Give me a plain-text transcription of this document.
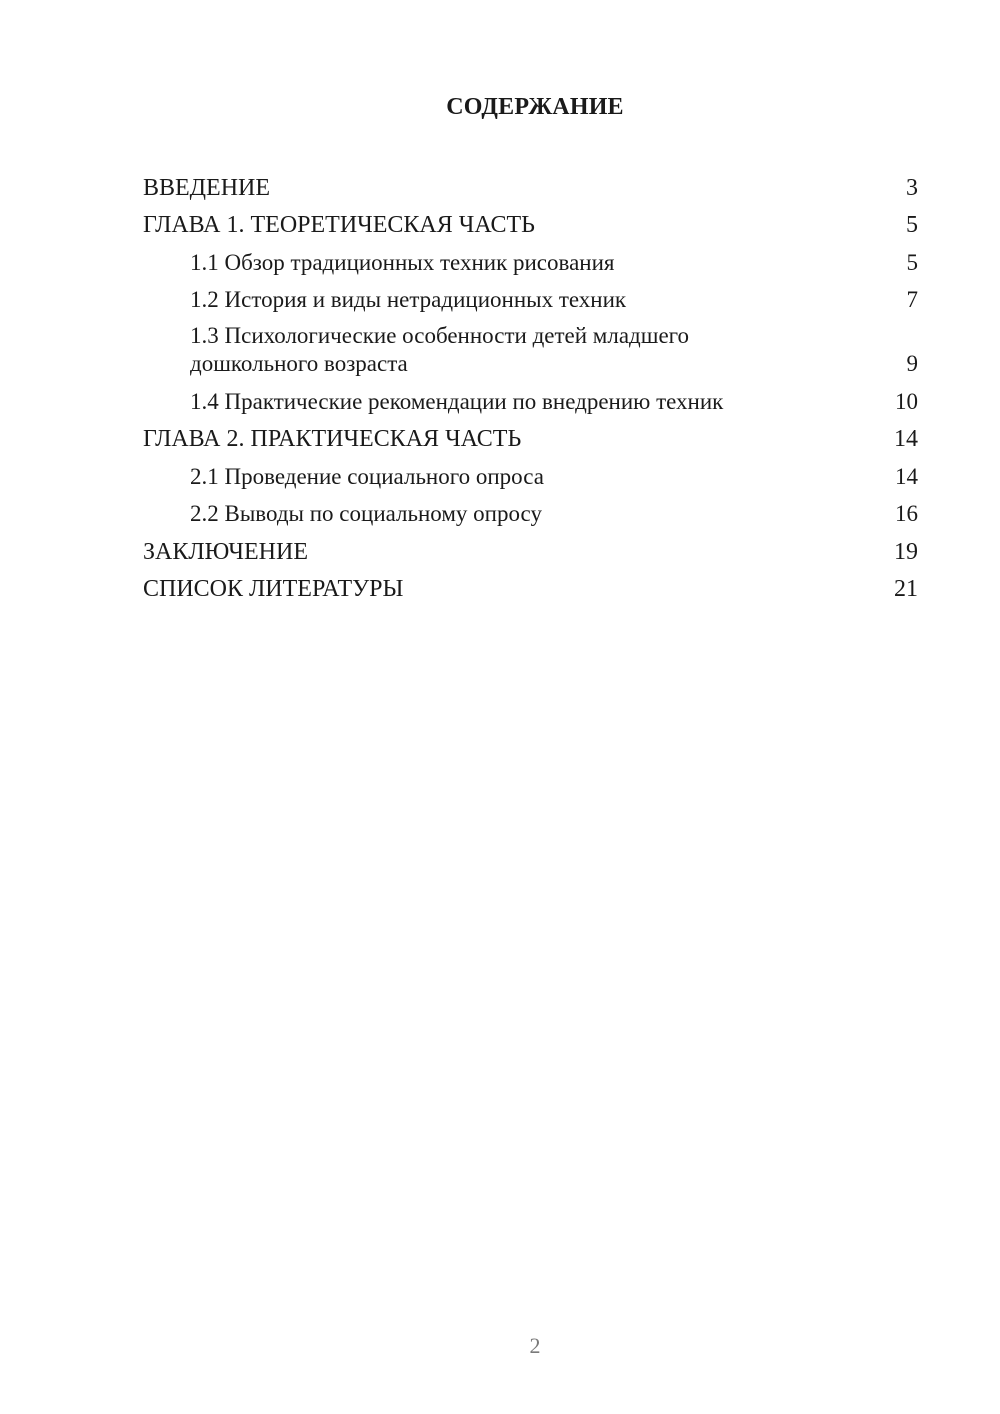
СОДЕРЖАНИЕ
ВВЕДЕНИЕ	3
ГЛАВА 1. ТЕОРЕТИЧЕСКАЯ ЧАСТЬ	5
1.1 Обзор традиционных техник рисования	5
1.2 История и виды нетрадиционных техник	7
1.3 Психологические особенности детей младшего дошкольного возраста	9
1.4 Практические рекомендации по внедрению техник	10
ГЛАВА 2. ПРАКТИЧЕСКАЯ ЧАСТЬ	14
2.1 Проведение социального опроса	14
2.2 Выводы по социальному опросу	16
ЗАКЛЮЧЕНИЕ	19
СПИСОК ЛИТЕРАТУРЫ	21
2
